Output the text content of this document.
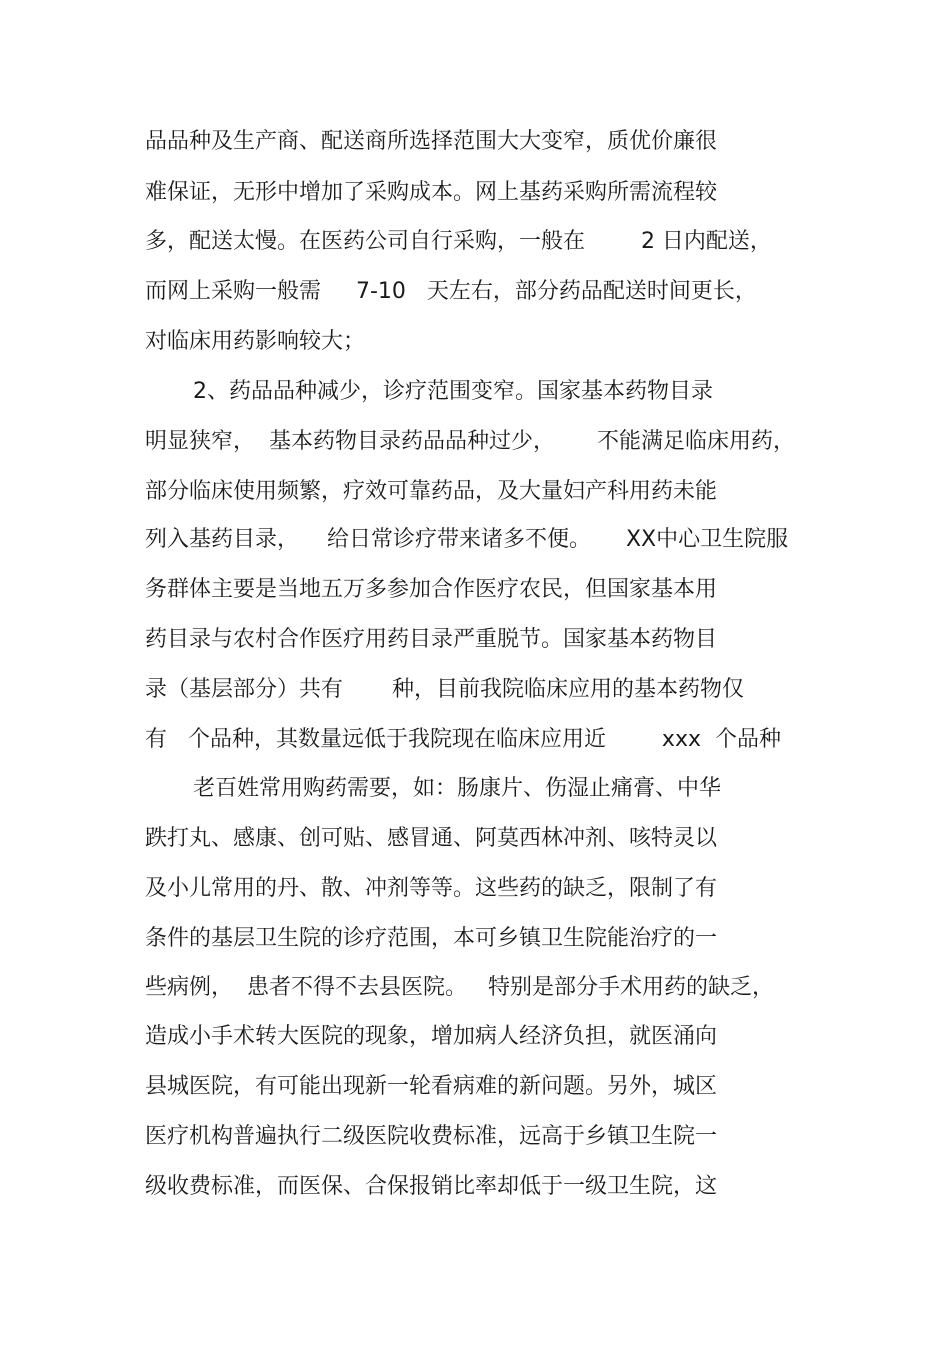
品品种及生产商、配送商所选择范围大大变窄，质优价廉很
难保证，无形中增加了采购成本。网上基药采购所需流程较
多，配送太慢。在医药公司自行采购，一般在        2 日内配送，
而网上采购一般需     7-10   天左右，部分药品配送时间更长，
对临床用药影响较大；
2、药品品种减少，诊疗范围变窄。国家基本药物目录
明显狭窄，  基本药物目录药品品种过少，      不能满足临床用药，
部分临床使用频繁，疗效可靠药品，及大量妇产科用药未能
列入基药目录，    给日常诊疗带来诸多不便。     XX中心卫生院服
务群体主要是当地五万多参加合作医疗农民，但国家基本用
药目录与农村合作医疗用药目录严重脱节。国家基本药物目
录（基层部分）共有       种，目前我院临床应用的基本药物仅
有   个品种，其数量远低于我院现在临床应用近        xxx  个品种
老百姓常用购药需要，如：肠康片、伤湿止痛膏、中华
跌打丸、感康、创可贴、感冒通、阿莫西林冲剂、咳特灵以
及小儿常用的丹、散、冲剂等等。这些药的缺乏，限制了有
条件的基层卫生院的诊疗范围，本可乡镇卫生院能治疗的一
些病例，  患者不得不去县医院。   特别是部分手术用药的缺乏，
造成小手术转大医院的现象，增加病人经济负担，就医涌向
县城医院，有可能出现新一轮看病难的新问题。另外，城区
医疗机构普遍执行二级医院收费标准，远高于乡镇卫生院一
级收费标准，而医保、合保报销比率却低于一级卫生院，这
